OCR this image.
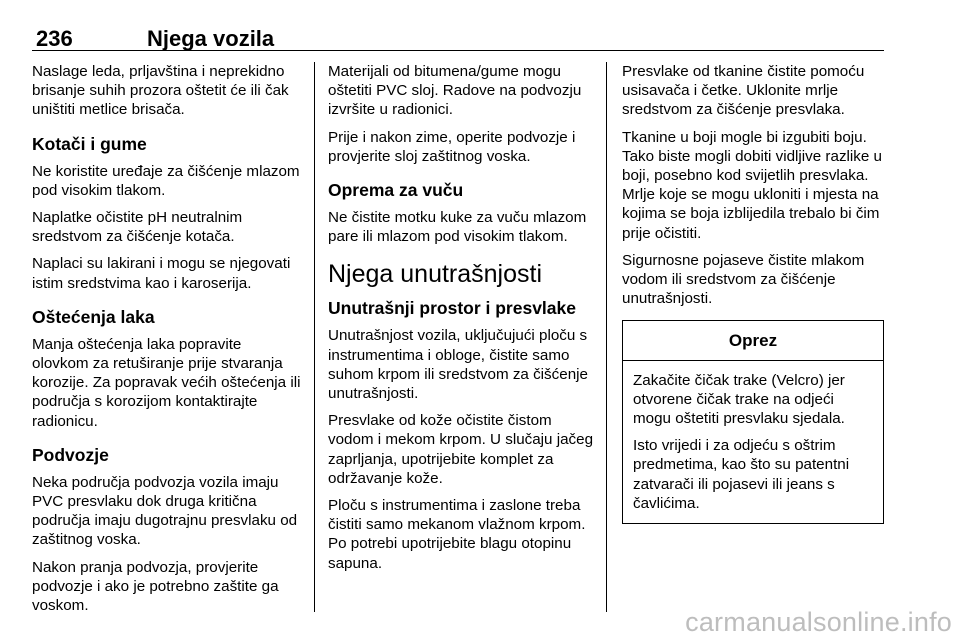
236	Njega vozila

Naslage leda, prljavština i neprekidno brisanje suhih prozora oštetit će ili čak uništiti metlice brisača.

Kotači i gume

Ne koristite uređaje za čišćenje mlazom pod visokim tlakom.

Naplatke očistite pH neutralnim sredstvom za čišćenje kotača.

Naplaci su lakirani i mogu se njegovati istim sredstvima kao i karoserija.

Oštećenja laka

Manja oštećenja laka popravite olovkom za retuširanje prije stvaranja korozije. Za popravak većih oštećenja ili područja s korozijom kontaktirajte radionicu.

Podvozje

Neka područja podvozja vozila imaju PVC presvlaku dok druga kritična područja imaju dugotrajnu presvlaku od zaštitnog voska.

Nakon pranja podvozja, provjerite podvozje i ako je potrebno zaštite ga voskom.

Materijali od bitumena/gume mogu oštetiti PVC sloj. Radove na podvozju izvršite u radionici.

Prije i nakon zime, operite podvozje i provjerite sloj zaštitnog voska.

Oprema za vuču

Ne čistite motku kuke za vuču mlazom pare ili mlazom pod visokim tlakom.

Njega unutrašnjosti
Unutrašnji prostor i presvlake

Unutrašnjost vozila, uključujući ploču s instrumentima i obloge, čistite samo suhom krpom ili sredstvom za čišćenje unutrašnjosti.

Presvlake od kože očistite čistom vodom i mekom krpom. U slučaju jačeg zaprljanja, upotrijebite komplet za održavanje kože.

Ploču s instrumentima i zaslone treba čistiti samo mekanom vlažnom krpom. Po potrebi upotrijebite blagu otopinu sapuna.

Presvlake od tkanine čistite pomoću usisavača i četke. Uklonite mrlje sredstvom za čišćenje presvlaka.

Tkanine u boji mogle bi izgubiti boju. Tako biste mogli dobiti vidljive razlike u boji, posebno kod svijetlih presvlaka. Mrlje koje se mogu ukloniti i mjesta na kojima se boja izblijedila trebalo bi čim prije očistiti.

Sigurnosne pojaseve čistite mlakom vodom ili sredstvom za čišćenje unutrašnjosti.

Oprez

Zakačite čičak trake (Velcro) jer otvorene čičak trake na odjeći mogu oštetiti presvlaku sjedala.

Isto vrijedi i za odjeću s oštrim predmetima, kao što su patentni zatvarači ili pojasevi ili jeans s čavlićima.

carmanualsonline.info
